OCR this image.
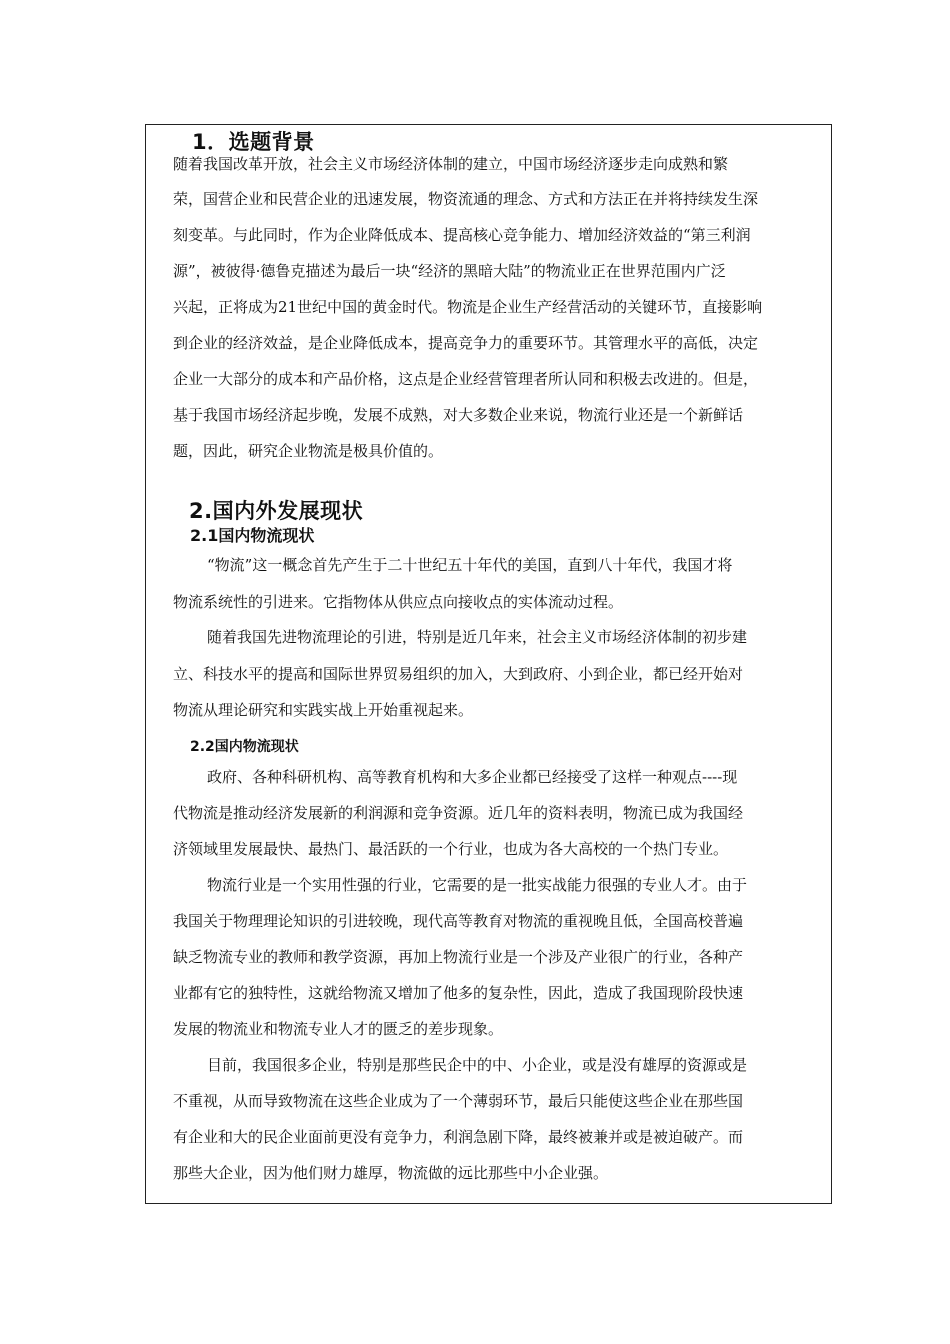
1．选题背景
随着我国改革开放，社会主义市场经济体制的建立，中国市场经济逐步走向成熟和繁
荣，国营企业和民营企业的迅速发展，物资流通的理念、方式和方法正在并将持续发生深
刻变革。与此同时，作为企业降低成本、提高核心竞争能力、增加经济效益的“第三利润
源”，被彼得·德鲁克描述为最后一块“经济的黑暗大陆”的物流业正在世界范围内广泛
兴起，正将成为21世纪中国的黄金时代。物流是企业生产经营活动的关键环节，直接影响
到企业的经济效益，是企业降低成本，提高竞争力的重要环节。其管理水平的高低，决定
企业一大部分的成本和产品价格，这点是企业经营管理者所认同和积极去改进的。但是，
基于我国市场经济起步晚，发展不成熟，对大多数企业来说，物流行业还是一个新鲜话
题，因此，研究企业物流是极具价值的。
2.国内外发展现状
2.1国内物流现状
“物流”这一概念首先产生于二十世纪五十年代的美国，直到八十年代，我国才将
物流系统性的引进来。它指物体从供应点向接收点的实体流动过程。
随着我国先进物流理论的引进，特别是近几年来，社会主义市场经济体制的初步建
立、科技水平的提高和国际世界贸易组织的加入，大到政府、小到企业，都已经开始对
物流从理论研究和实践实战上开始重视起来。
2.2国内物流现状
政府、各种科研机构、高等教育机构和大多企业都已经接受了这样一种观点----现
代物流是推动经济发展新的利润源和竞争资源。近几年的资料表明，物流已成为我国经
济领域里发展最快、最热门、最活跃的一个行业，也成为各大高校的一个热门专业。
物流行业是一个实用性强的行业，它需要的是一批实战能力很强的专业人才。由于
我国关于物理理论知识的引进较晚，现代高等教育对物流的重视晚且低，全国高校普遍
缺乏物流专业的教师和教学资源，再加上物流行业是一个涉及产业很广的行业，各种产
业都有它的独特性，这就给物流又增加了他多的复杂性，因此，造成了我国现阶段快速
发展的物流业和物流专业人才的匮乏的差步现象。
目前，我国很多企业，特别是那些民企中的中、小企业，或是没有雄厚的资源或是
不重视，从而导致物流在这些企业成为了一个薄弱环节，最后只能使这些企业在那些国
有企业和大的民企业面前更没有竞争力，利润急剧下降，最终被兼并或是被迫破产。而
那些大企业，因为他们财力雄厚，物流做的远比那些中小企业强。
